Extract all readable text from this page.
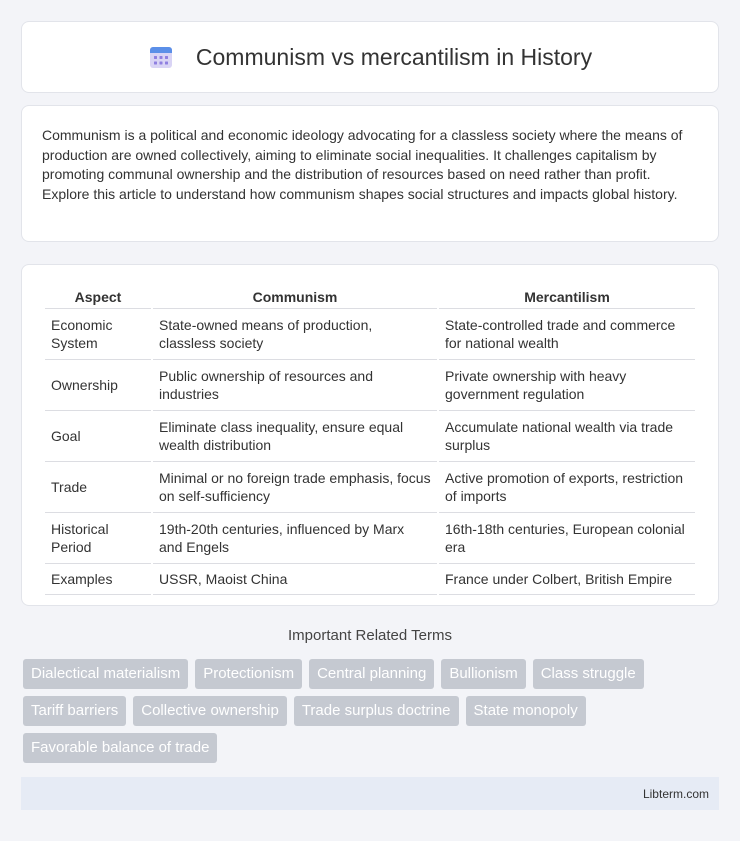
Communism vs mercantilism in History

Communism is a political and economic ideology advocating for a classless society where the means of production are owned collectively, aiming to eliminate social inequalities. It challenges capitalism by promoting communal ownership and the distribution of resources based on need rather than profit. Explore this article to understand how communism shapes social structures and impacts global history.

Aspect	Communism	Mercantilism
Economic System	State-owned means of production, classless society	State-controlled trade and commerce for national wealth
Ownership	Public ownership of resources and industries	Private ownership with heavy government regulation
Goal	Eliminate class inequality, ensure equal wealth distribution	Accumulate national wealth via trade surplus
Trade	Minimal or no foreign trade emphasis, focus on self-sufficiency	Active promotion of exports, restriction of imports
Historical Period	19th-20th centuries, influenced by Marx and Engels	16th-18th centuries, European colonial era
Examples	USSR, Maoist China	France under Colbert, British Empire
Important Related Terms
Dialectical materialism	Protectionism	Central planning	Bullionism	Class struggle
Tariff barriers	Collective ownership	Trade surplus doctrine	State monopoly
Favorable balance of trade
Libterm.com
